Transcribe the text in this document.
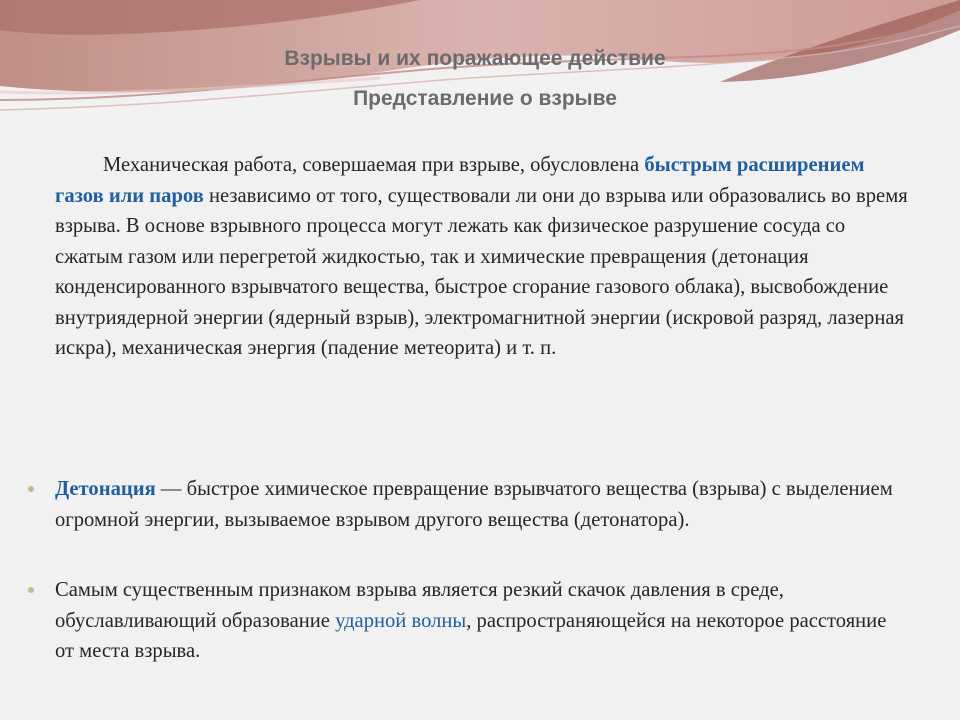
Взрывы и их поражающее действие
Представление о взрыве

Механическая работа, совершаемая при взрыве, обусловлена быстрым расширением газов или паров независимо от того, существовали ли они до взрыва или образовались во время взрыва. В основе взрывного процесса могут лежать как физическое разрушение сосуда со сжатым газом или перегретой жидкостью, так и химические превращения (детонация конденсированного взрывчатого вещества, быстрое сгорание газового облака), высвобождение внутриядерной энергии (ядерный взрыв), электромагнитной энергии (искровой разряд, лазерная искра), механическая энергия (падение метеорита) и т. п.

Детонация — быстрое химическое превращение взрывчатого вещества (взрыва) с выделением огромной энергии, вызываемое взрывом другого вещества (детонатора).

Самым существенным признаком взрыва является резкий скачок давления в среде, обуславливающий образование ударной волны, распространяющейся на некоторое расстояние от места взрыва.
